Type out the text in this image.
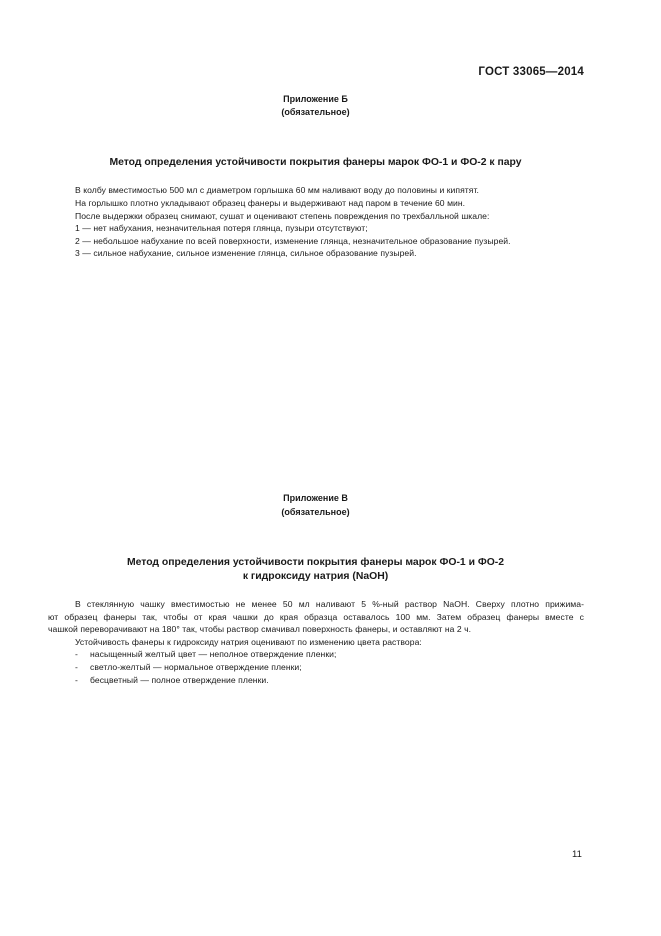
ГОСТ 33065—2014
Приложение Б
(обязательное)
Метод определения устойчивости покрытия фанеры марок ФО-1 и ФО-2 к пару
В колбу вместимостью 500 мл с диаметром горлышка 60 мм наливают воду до половины и кипятят.
На горлышко плотно укладывают образец фанеры и выдерживают над паром в течение 60 мин.
После выдержки образец снимают, сушат и оценивают степень повреждения по трехбалльной шкале:
1 — нет набухания, незначительная потеря глянца, пузыри отсутствуют;
2 — небольшое набухание по всей поверхности, изменение глянца, незначительное образование пузырей.
3 — сильное набухание, сильное изменение глянца, сильное образование пузырей.
Приложение В
(обязательное)
Метод определения устойчивости покрытия фанеры марок ФО-1 и ФО-2
к гидроксиду натрия (NaOH)
В стеклянную чашку вместимостью не менее 50 мл наливают 5 %-ный раствор NaOH. Сверху плотно прижима-
ют образец фанеры так, чтобы от края чашки до края образца оставалось 100 мм. Затем образец фанеры вместе с
чашкой переворачивают на 180° так, чтобы раствор смачивал поверхность фанеры, и оставляют на 2 ч.
Устойчивость фанеры к гидроксиду натрия оценивают по изменению цвета раствора:
- насыщенный желтый цвет — неполное отверждение пленки;
- светло-желтый — нормальное отверждение пленки;
- бесцветный — полное отверждение пленки.
11
